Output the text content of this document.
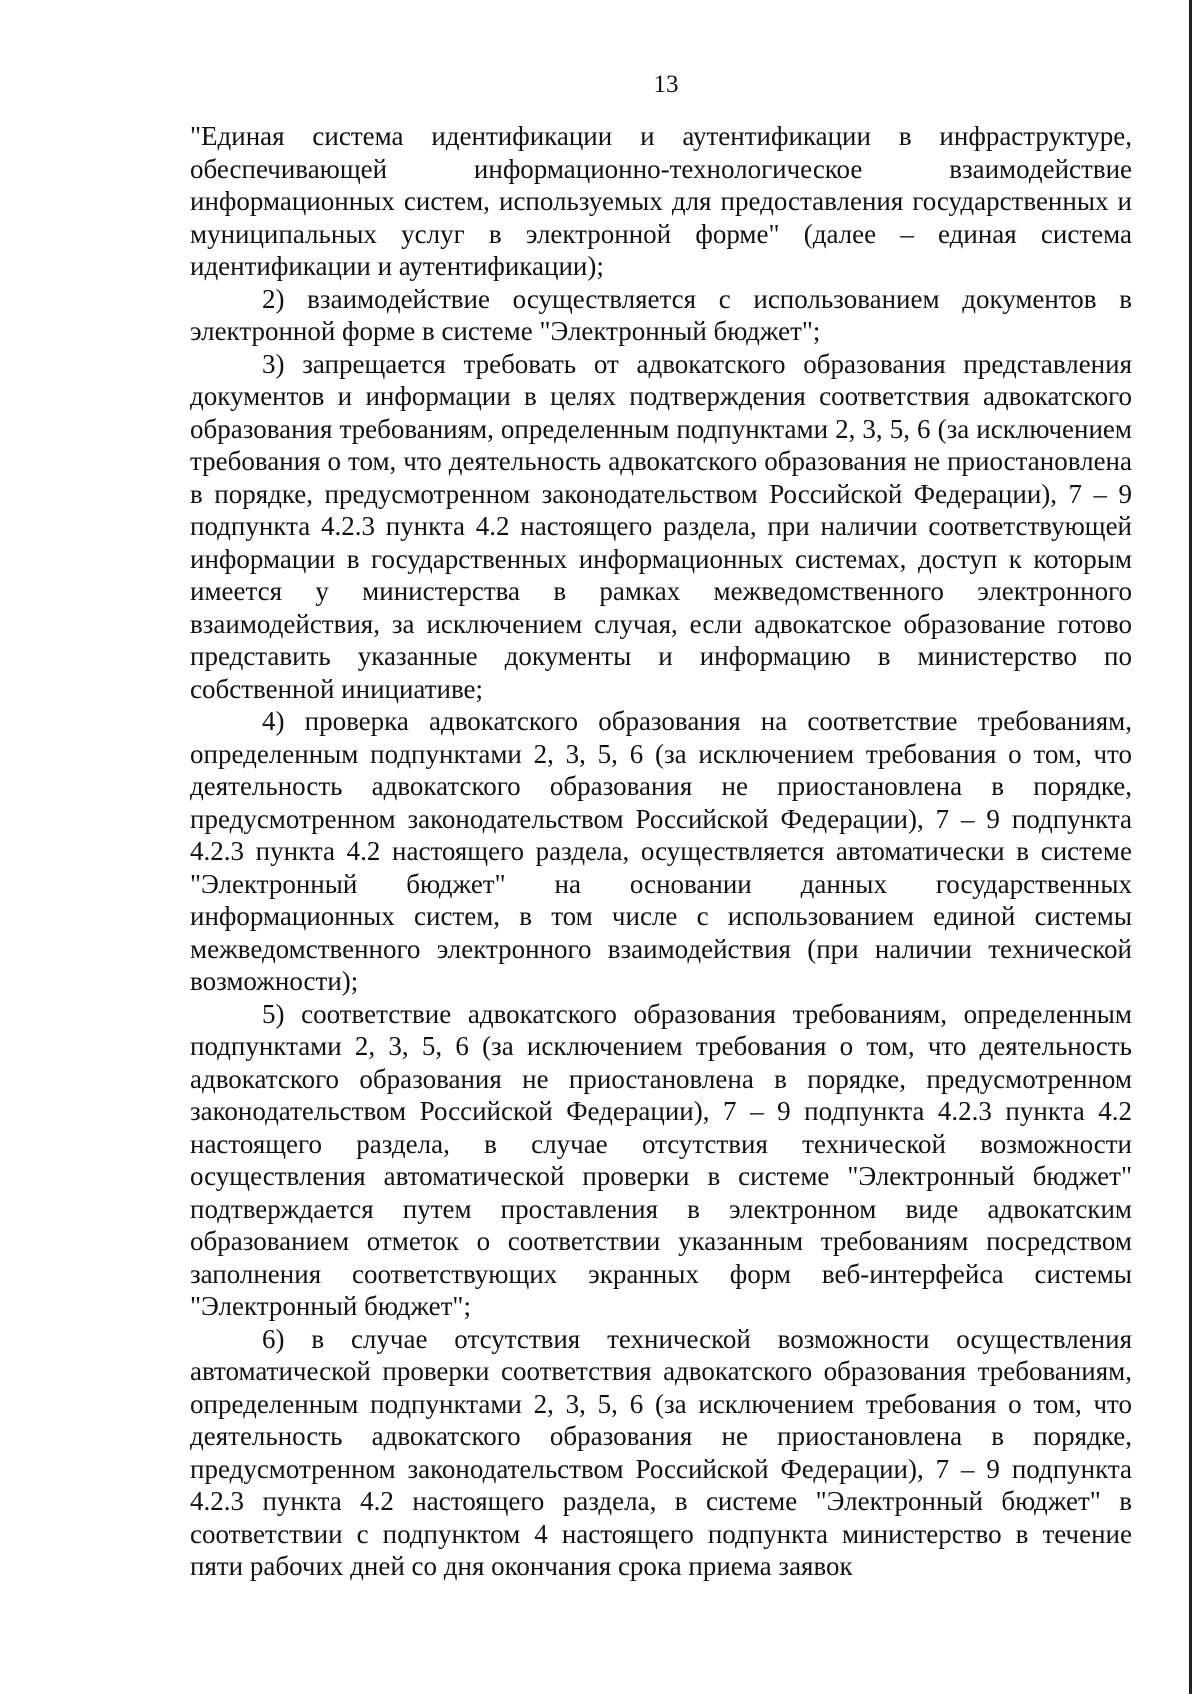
13

"Единая система идентификации и аутентификации в инфраструктуре, обеспечивающей информационно-технологическое взаимодействие информационных систем, используемых для предоставления государственных и муниципальных услуг в электронной форме" (далее – единая система идентификации и аутентификации);

2) взаимодействие осуществляется с использованием документов в электронной форме в системе "Электронный бюджет";

3) запрещается требовать от адвокатского образования представления документов и информации в целях подтверждения соответствия адвокатского образования требованиям, определенным подпунктами 2, 3, 5, 6 (за исключением требования о том, что деятельность адвокатского образования не приостановлена в порядке, предусмотренном законодательством Российской Федерации), 7 – 9 подпункта 4.2.3 пункта 4.2 настоящего раздела, при наличии соответствующей информации в государственных информационных системах, доступ к которым имеется у министерства в рамках межведомственного электронного взаимодействия, за исключением случая, если адвокатское образование готово представить указанные документы и информацию в министерство по собственной инициативе;

4) проверка адвокатского образования на соответствие требованиям, определенным подпунктами 2, 3, 5, 6 (за исключением требования о том, что деятельность адвокатского образования не приостановлена в порядке, предусмотренном законодательством Российской Федерации), 7 – 9 подпункта 4.2.3 пункта 4.2 настоящего раздела, осуществляется автоматически в системе "Электронный бюджет" на основании данных государственных информационных систем, в том числе с использованием единой системы межведомственного электронного взаимодействия (при наличии технической возможности);

5) соответствие адвокатского образования требованиям, определенным подпунктами 2, 3, 5, 6 (за исключением требования о том, что деятельность адвокатского образования не приостановлена в порядке, предусмотренном законодательством Российской Федерации), 7 – 9 подпункта 4.2.3 пункта 4.2 настоящего раздела, в случае отсутствия технической возможности осуществления автоматической проверки в системе "Электронный бюджет" подтверждается путем проставления в электронном виде адвокатским образованием отметок о соответствии указанным требованиям посредством заполнения соответствующих экранных форм веб-интерфейса системы "Электронный бюджет";

6) в случае отсутствия технической возможности осуществления автоматической проверки соответствия адвокатского образования требованиям, определенным подпунктами 2, 3, 5, 6 (за исключением требования о том, что деятельность адвокатского образования не приостановлена в порядке, предусмотренном законодательством Российской Федерации), 7 – 9 подпункта 4.2.3 пункта 4.2 настоящего раздела, в системе "Электронный бюджет" в соответствии с подпунктом 4 настоящего подпункта министерство в течение пяти рабочих дней со дня окончания срока приема заявок
